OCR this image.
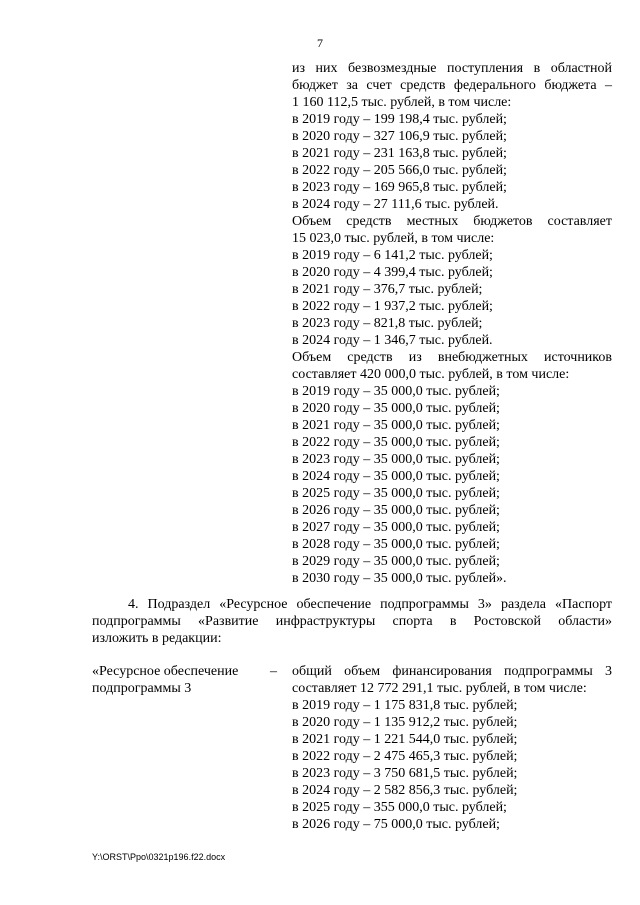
7
из них безвозмездные поступления в областной
бюджет за счет средств федерального бюджета –
1 160 112,5 тыс. рублей, в том числе:
в 2019 году – 199 198,4 тыс. рублей;
в 2020 году – 327 106,9 тыс. рублей;
в 2021 году – 231 163,8 тыс. рублей;
в 2022 году – 205 566,0 тыс. рублей;
в 2023 году – 169 965,8 тыс. рублей;
в 2024 году – 27 111,6 тыс. рублей.
Объем средств местных бюджетов составляет
15 023,0 тыс. рублей, в том числе:
в 2019 году – 6 141,2 тыс. рублей;
в 2020 году – 4 399,4 тыс. рублей;
в 2021 году – 376,7 тыс. рублей;
в 2022 году – 1 937,2 тыс. рублей;
в 2023 году – 821,8 тыс. рублей;
в 2024 году – 1 346,7 тыс. рублей.
Объем средств из внебюджетных источников
составляет 420 000,0 тыс. рублей, в том числе:
в 2019 году – 35 000,0 тыс. рублей;
в 2020 году – 35 000,0 тыс. рублей;
в 2021 году – 35 000,0 тыс. рублей;
в 2022 году – 35 000,0 тыс. рублей;
в 2023 году – 35 000,0 тыс. рублей;
в 2024 году – 35 000,0 тыс. рублей;
в 2025 году – 35 000,0 тыс. рублей;
в 2026 году – 35 000,0 тыс. рублей;
в 2027 году – 35 000,0 тыс. рублей;
в 2028 году – 35 000,0 тыс. рублей;
в 2029 году – 35 000,0 тыс. рублей;
в 2030 году – 35 000,0 тыс. рублей».
4. Подраздел «Ресурсное обеспечение подпрограммы 3» раздела «Паспорт
подпрограммы «Развитие инфраструктуры спорта в Ростовской области»
изложить в редакции:
«Ресурсное обеспечение
подпрограммы 3
– общий объем финансирования подпрограммы 3
составляет 12 772 291,1 тыс. рублей, в том числе:
в 2019 году – 1 175 831,8 тыс. рублей;
в 2020 году – 1 135 912,2 тыс. рублей;
в 2021 году – 1 221 544,0 тыс. рублей;
в 2022 году – 2 475 465,3 тыс. рублей;
в 2023 году – 3 750 681,5 тыс. рублей;
в 2024 году – 2 582 856,3 тыс. рублей;
в 2025 году – 355 000,0 тыс. рублей;
в 2026 году – 75 000,0 тыс. рублей;
Y:\ORST\Ppo\0321p196.f22.docx
